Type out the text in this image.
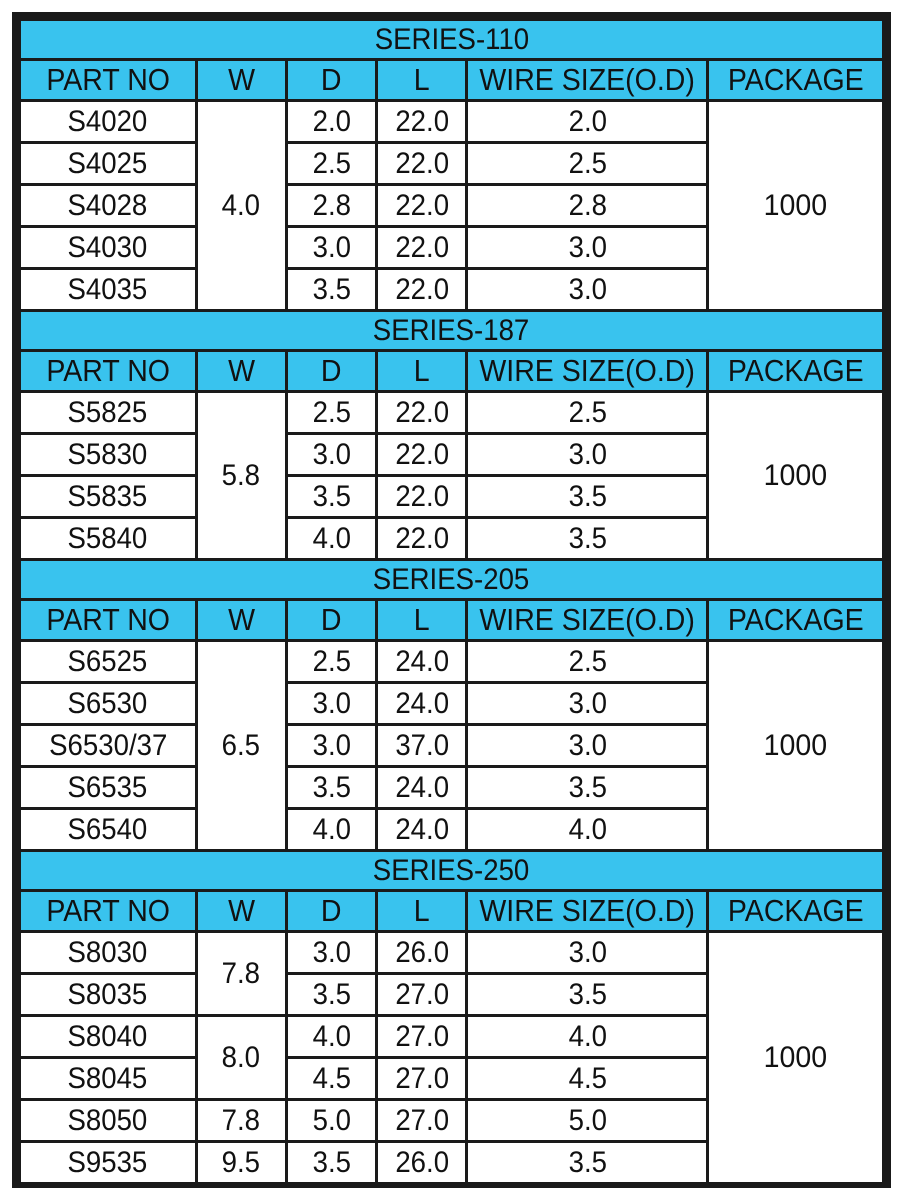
SERIES-110					
PART NO	W	D	L	WIRE SIZE(O.D)	PACKAGE
S4020	4.0	2.0	22.0	2.0	1000
S4025		2.5	22.0	2.5	
S4028		2.8	22.0	2.8	
S4030		3.0	22.0	3.0	
S4035		3.5	22.0	3.0	
SERIES-187					
PART NO	W	D	L	WIRE SIZE(O.D)	PACKAGE
S5825	5.8	2.5	22.0	2.5	1000
S5830		3.0	22.0	3.0	
S5835		3.5	22.0	3.5	
S5840		4.0	22.0	3.5	
SERIES-205					
PART NO	W	D	L	WIRE SIZE(O.D)	PACKAGE
S6525	6.5	2.5	24.0	2.5	1000
S6530		3.0	24.0	3.0	
S6530/37		3.0	37.0	3.0	
S6535		3.5	24.0	3.5	
S6540		4.0	24.0	4.0	
SERIES-250					
PART NO	W	D	L	WIRE SIZE(O.D)	PACKAGE
S8030	7.8	3.0	26.0	3.0	1000
S8035		3.5	27.0	3.5	
S8040	8.0	4.0	27.0	4.0	
S8045		4.5	27.0	4.5	
S8050	7.8	5.0	27.0	5.0	
S9535	9.5	3.5	26.0	3.5	
